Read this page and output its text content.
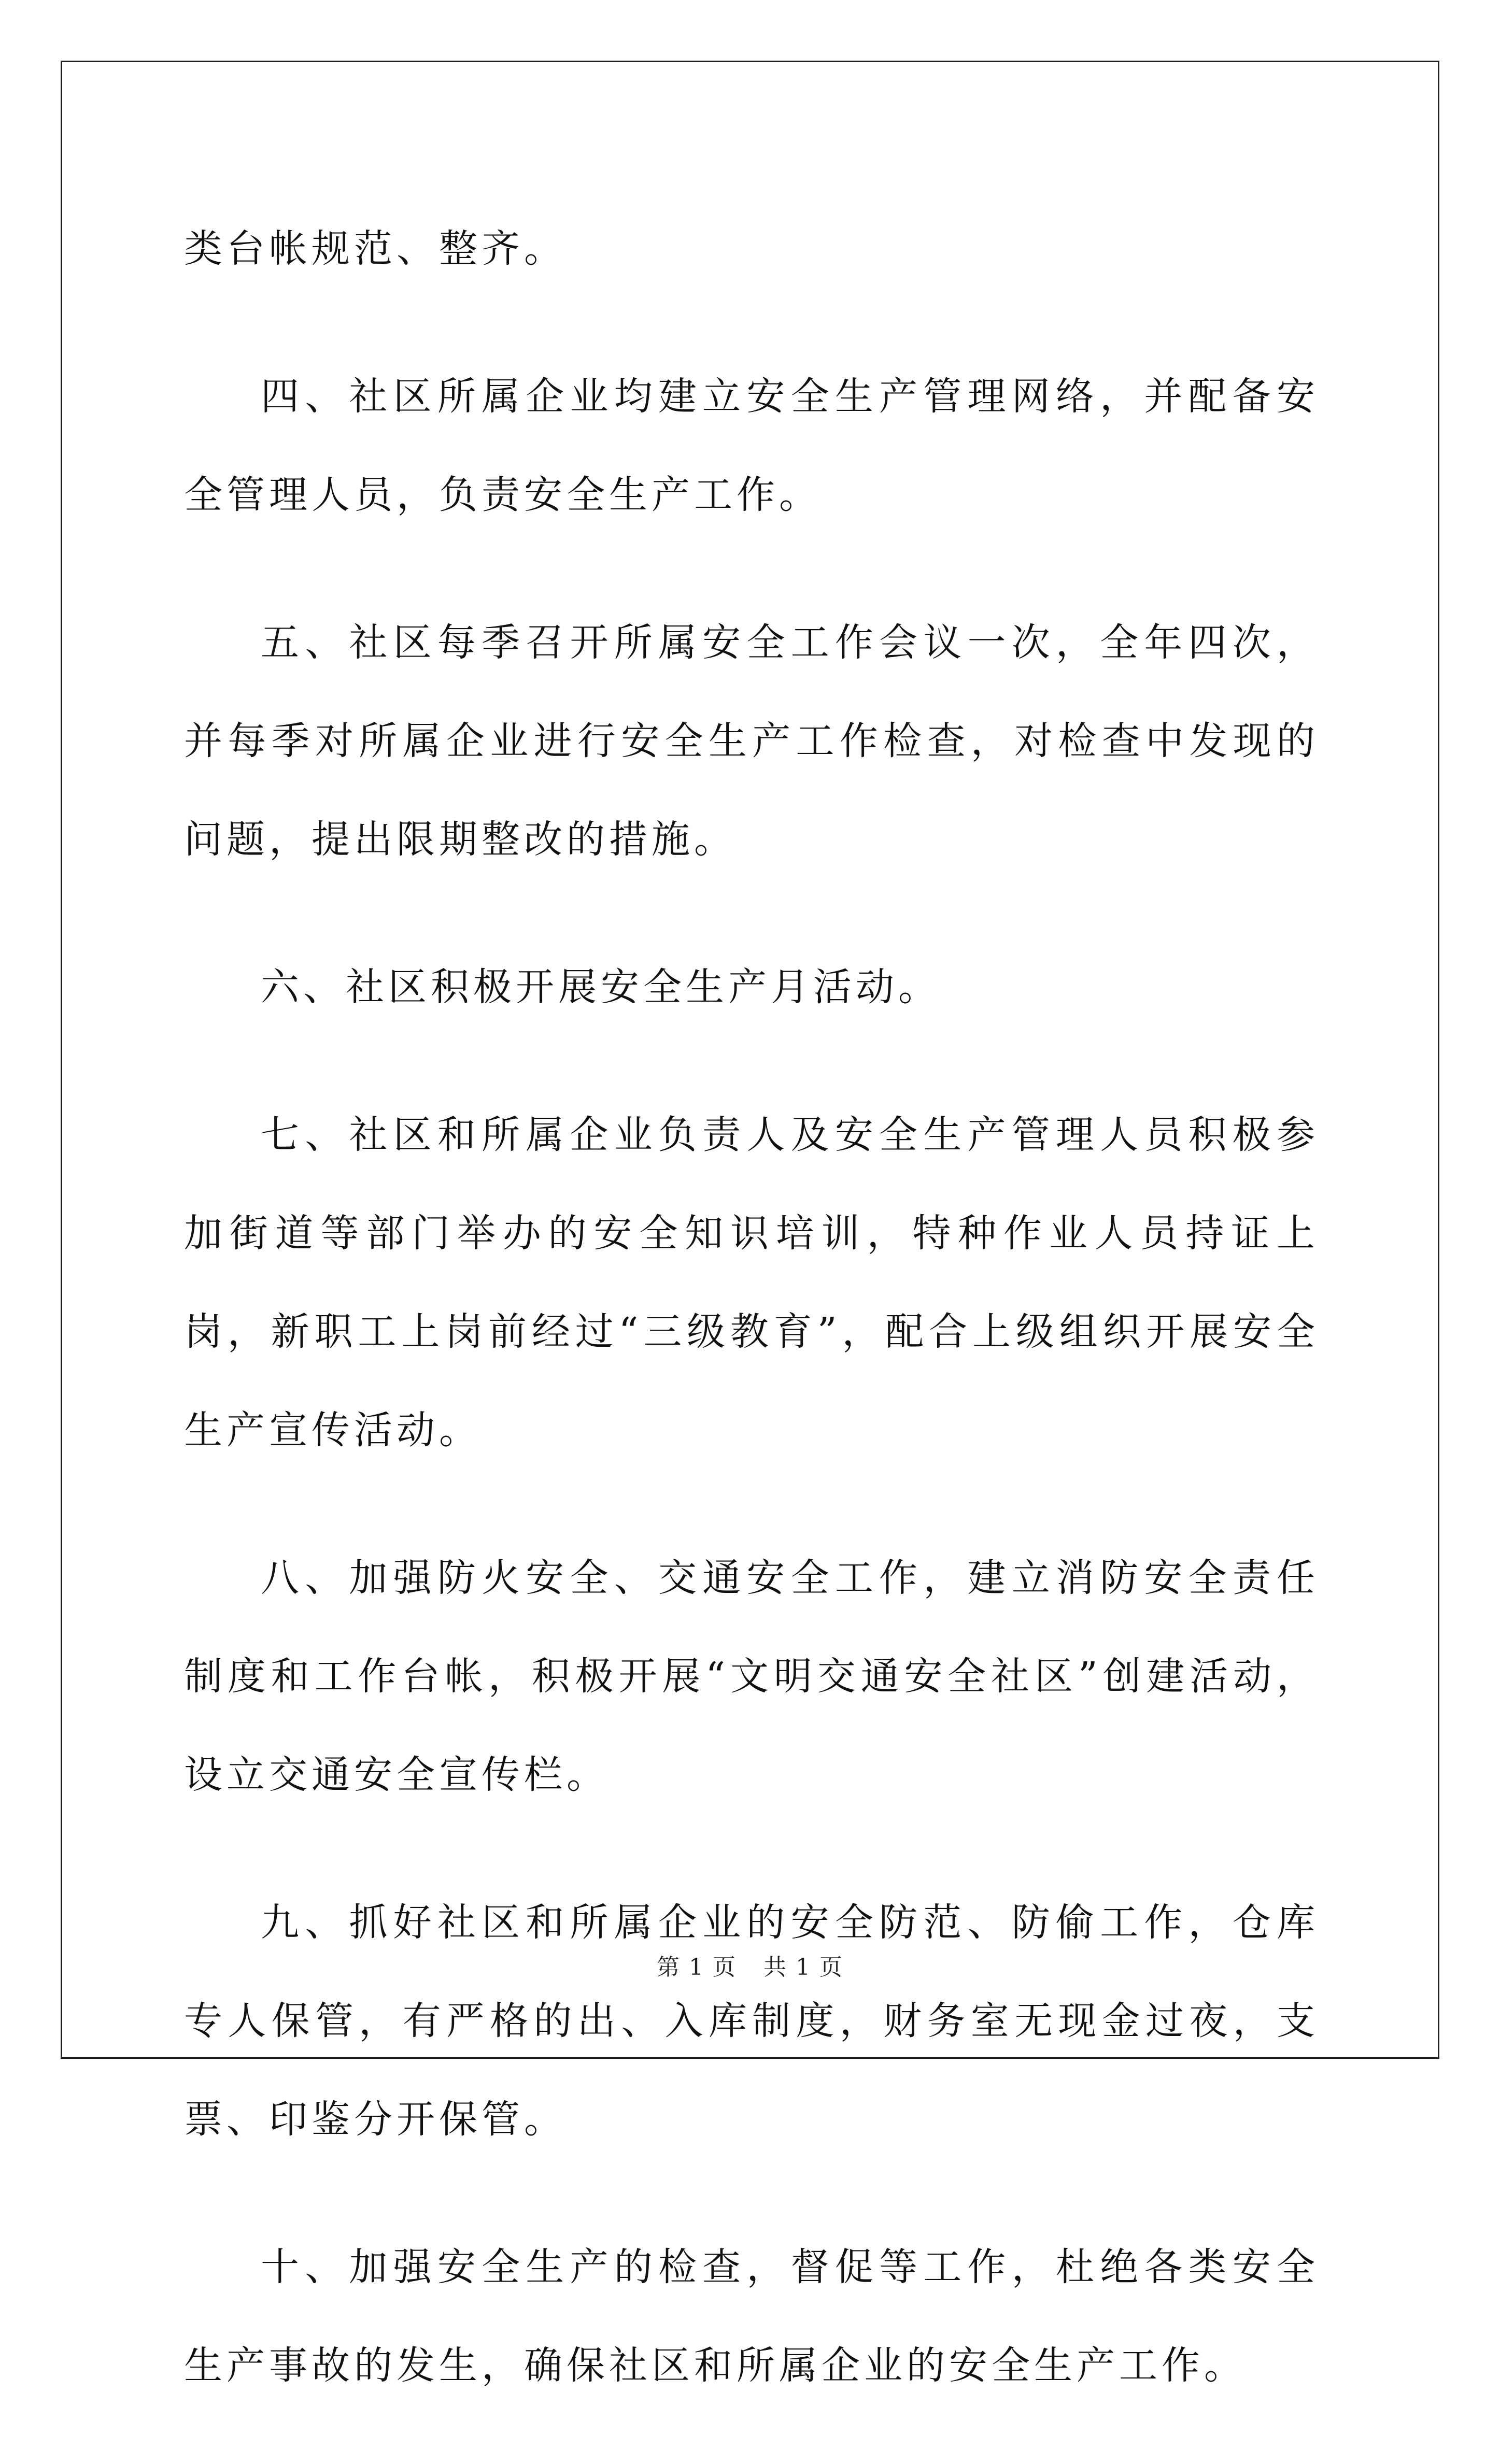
类台帐规范、整齐。

四、社区所属企业均建立安全生产管理网络，并配备安全管理人员，负责安全生产工作。

五、社区每季召开所属安全工作会议一次，全年四次，并每季对所属企业进行安全生产工作检查，对检查中发现的问题，提出限期整改的措施。

六、社区积极开展安全生产月活动。

七、社区和所属企业负责人及安全生产管理人员积极参加街道等部门举办的安全知识培训，特种作业人员持证上岗，新职工上岗前经过“三级教育”，配合上级组织开展安全生产宣传活动。

八、加强防火安全、交通安全工作，建立消防安全责任制度和工作台帐，积极开展“文明交通安全社区”创建活动，设立交通安全宣传栏。

九、抓好社区和所属企业的安全防范、防偷工作，仓库专人保管，有严格的出、入库制度，财务室无现金过夜，支票、印鉴分开保管。

十、加强安全生产的检查，督促等工作，杜绝各类安全生产事故的发生，确保社区和所属企业的安全生产工作。

第 1 页 共 1 页
